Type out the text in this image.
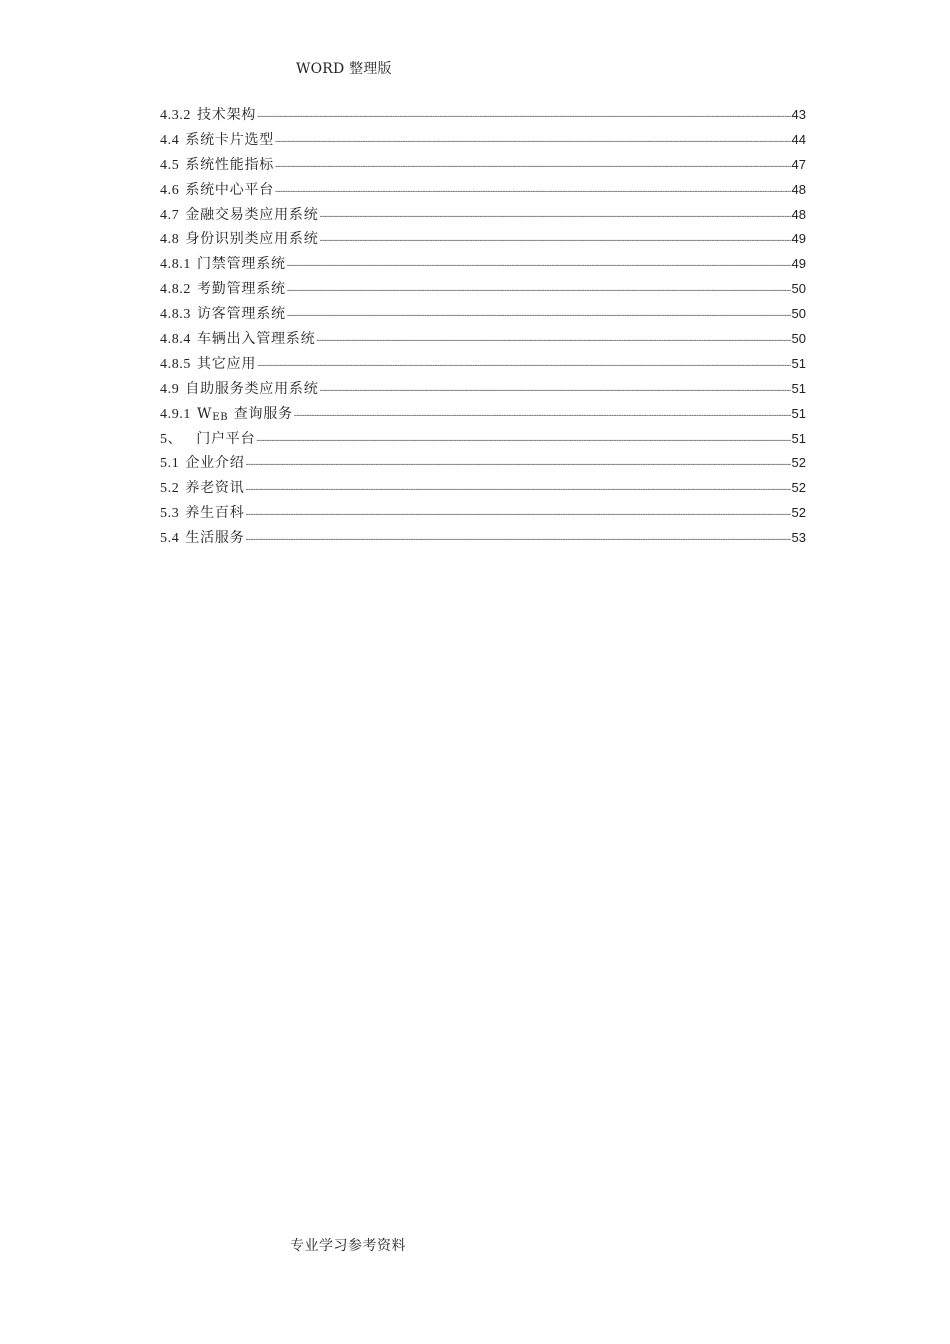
WORD 整理版
4.3.2 技术架构 -----	43
4.4 系统卡片选型 -----	44
4.5 系统性能指标 -----	47
4.6 系统中心平台 -----	48
4.7 金融交易类应用系统 -----	48
4.8 身份识别类应用系统 -----	49
4.8.1 门禁管理系统 -----	49
4.8.2 考勤管理系统 -----	50
4.8.3 访客管理系统 -----	50
4.8.4 车辆出入管理系统 -----	50
4.8.5 其它应用 -----	51
4.9 自助服务类应用系统 -----	51
4.9.1 WEB 查询服务 -----	51
5、 门户平台 -----	51
5.1 企业介绍 -----	52
5.2 养老资讯 -----	52
5.3 养生百科 -----	52
5.4 生活服务 -----	53
专业学习参考资料
